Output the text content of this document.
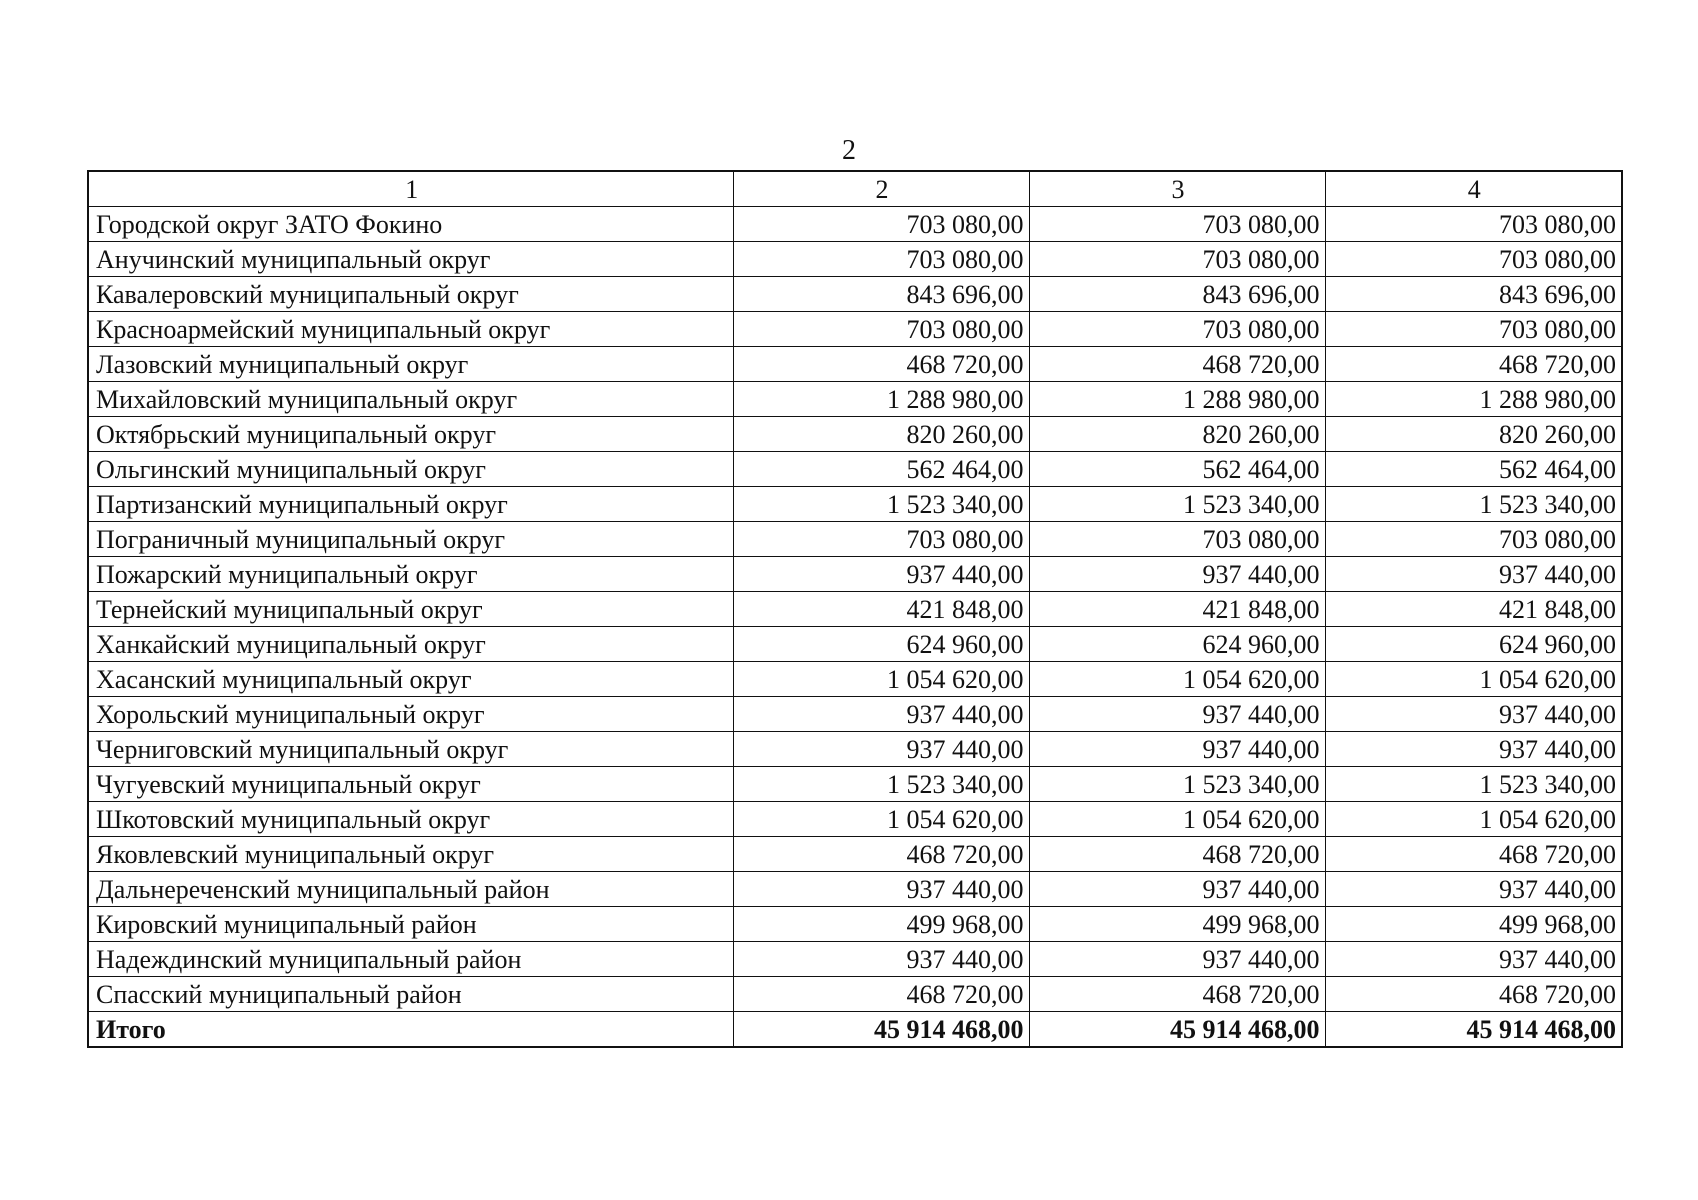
2
1	2	3	4
Городской округ ЗАТО Фокино	703 080,00	703 080,00	703 080,00
Анучинский муниципальный округ	703 080,00	703 080,00	703 080,00
Кавалеровский муниципальный округ	843 696,00	843 696,00	843 696,00
Красноармейский муниципальный округ	703 080,00	703 080,00	703 080,00
Лазовский муниципальный округ	468 720,00	468 720,00	468 720,00
Михайловский муниципальный округ	1 288 980,00	1 288 980,00	1 288 980,00
Октябрьский муниципальный округ	820 260,00	820 260,00	820 260,00
Ольгинский муниципальный округ	562 464,00	562 464,00	562 464,00
Партизанский муниципальный округ	1 523 340,00	1 523 340,00	1 523 340,00
Пограничный муниципальный округ	703 080,00	703 080,00	703 080,00
Пожарский муниципальный округ	937 440,00	937 440,00	937 440,00
Тернейский муниципальный округ	421 848,00	421 848,00	421 848,00
Ханкайский муниципальный округ	624 960,00	624 960,00	624 960,00
Хасанский муниципальный округ	1 054 620,00	1 054 620,00	1 054 620,00
Хорольский муниципальный округ	937 440,00	937 440,00	937 440,00
Черниговский муниципальный округ	937 440,00	937 440,00	937 440,00
Чугуевский муниципальный округ	1 523 340,00	1 523 340,00	1 523 340,00
Шкотовский муниципальный округ	1 054 620,00	1 054 620,00	1 054 620,00
Яковлевский муниципальный округ	468 720,00	468 720,00	468 720,00
Дальнереченский муниципальный район	937 440,00	937 440,00	937 440,00
Кировский муниципальный район	499 968,00	499 968,00	499 968,00
Надеждинский муниципальный район	937 440,00	937 440,00	937 440,00
Спасский муниципальный район	468 720,00	468 720,00	468 720,00
Итого	45 914 468,00	45 914 468,00	45 914 468,00
